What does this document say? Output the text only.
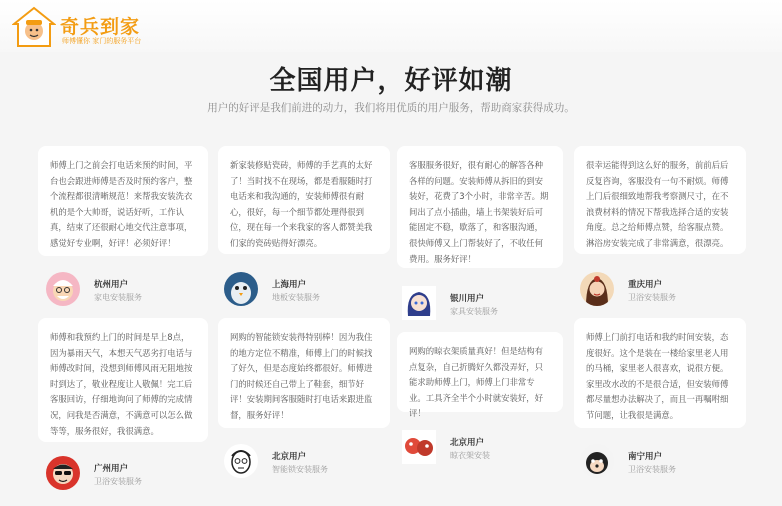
奇兵到家
师傅懂你 家门的服务平台
全国用户，好评如潮
用户的好评是我们前进的动力，我们将用优质的用户服务，帮助商家获得成功。
师傅上门之前会打电话来预约时间，平台也会跟进师傅是否及时预约客户，整个流程都很清晰规范！来帮我安装洗衣机的是个大帅哥，说话好听，工作认真，结束了还很耐心地交代注意事项，感觉好专业啊，好评！必须好评！
新家装修贴瓷砖，师傅的手艺真的太好了！当时找不在现场，都是看服随时打电话来和我沟通的，安装师傅很有耐心，很好，每一个细节都处理得很到位，现在每一个来我家的客人都赞美我们家的瓷砖贴得好漂亮。
客服服务很好，很有耐心的解答各种各样的问题。安装师傅从拆旧的到安装好，花费了3个小时，非常辛苦。期间出了点小插曲，墙上书架装好后可能固定不稳，歇落了，和客服沟通，很快师傅又上门帮装好了，不收任何费用。服务好评！
很幸运能得到这么好的服务，前前后后反复咨询，客服没有一句不耐烦。师傅上门后很细致地帮我考察测尺寸，在不浪费材料的情况下帮我选择合适的安装角度。总之给师傅点赞，给客服点赞。淋浴房安装完成了非常满意，很漂亮。
杭州用户
家电安装服务
上海用户
地板安装服务	银川用户
家具安装服务
重庆用户
卫浴安装服务
师傅和我预约上门的时间是早上8点，因为暴雨天气，本想天气恶劣打电话与师傅改时间，没想到师傅风雨无阻地按时到达了，敬业程度让人敬佩！完工后客服回访，仔细地询问了师傅的完成情况，问我是否满意，不满意可以怎么做等等，服务很好，我很满意。
网购的智能锁安装得特别棒！因为我住的地方定位不精准，师傅上门的时候找了好久，但是态度始终都很好。师傅进门的时候还自己带上了鞋套，细节好评！安装期间客服随时打电话来跟进监督，服务好评！
网购的晾衣架质量真好！但是结构有点复杂，自己折腾好久都没弄好，只能求助师傅上门，师傅上门非常专业。工具齐全半个小时就安装好，好评！
师傅上门前打电话和我约时间安装，态度很好。这个是装在一楼给家里老人用的马桶，家里老人很喜欢，说很方便。家里改水改的不是很合适，但安装师傅都尽量想办法解决了，而且一再嘱咐细节问题，让我很是满意。
广州用户
卫浴安装服务
北京用户
智能锁安装服务
北京用户
晾衣架安装	南宁用户
卫浴安装服务
